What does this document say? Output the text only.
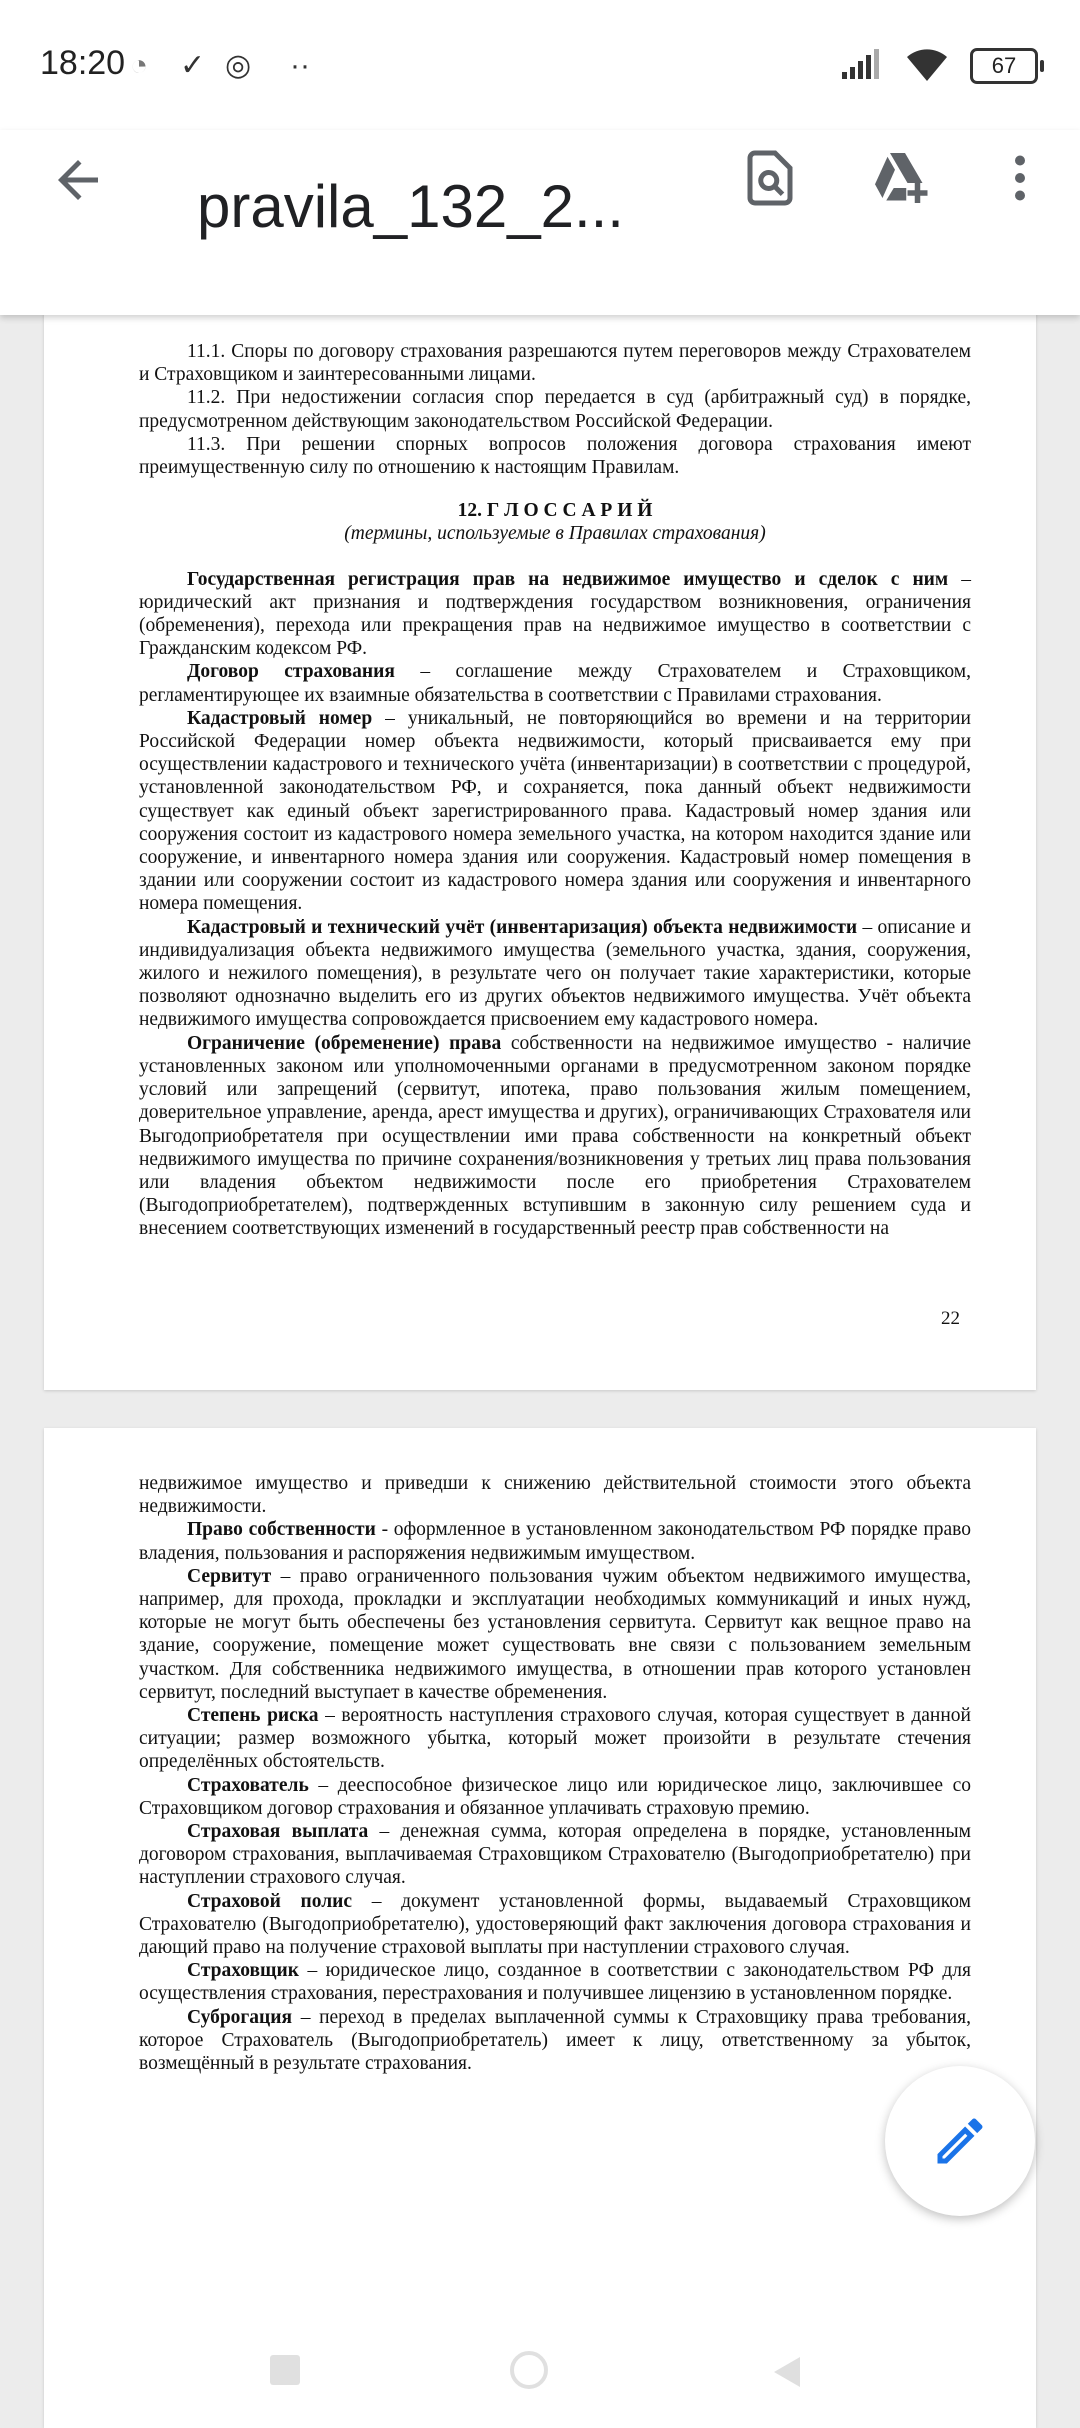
18:20 ◔ ✓ ◎ ··	67
pravila_132_2...

11.1. Споры по договору страхования разрешаются путем переговоров между Страхователем и Страховщиком и заинтересованными лицами.

11.2. При недостижении согласия спор передается в суд (арбитражный суд) в порядке, предусмотренном действующим законодательством Российской Федерации.

11.3. При решении спорных вопросов положения договора страхования имеют преимущественную силу по отношению к настоящим Правилам.

12. Г Л О С С А Р И Й

(термины, используемые в Правилах страхования)

Государственная регистрация прав на недвижимое имущество и сделок с ним – юридический акт признания и подтверждения государством возникновения, ограничения (обременения), перехода или прекращения прав на недвижимое имущество в соответствии с Гражданским кодексом РФ.

Договор страхования – соглашение между Страхователем и Страховщиком, регламентирующее их взаимные обязательства в соответствии с Правилами страхования.

Кадастровый номер – уникальный, не повторяющийся во времени и на территории Российской Федерации номер объекта недвижимости, который присваивается ему при осуществлении кадастрового и технического учёта (инвентаризации) в соответствии с процедурой, установленной законодательством РФ, и сохраняется, пока данный объект недвижимости существует как единый объект зарегистрированного права. Кадастровый номер здания или сооружения состоит из кадастрового номера земельного участка, на котором находится здание или сооружение, и инвентарного номера здания или сооружения. Кадастровый номер помещения в здании или сооружении состоит из кадастрового номера здания или сооружения и инвентарного номера помещения.

Кадастровый и технический учёт (инвентаризация) объекта недвижимости – описание и индивидуализация объекта недвижимого имущества (земельного участка, здания, сооружения, жилого и нежилого помещения), в результате чего он получает такие характеристики, которые позволяют однозначно выделить его из других объектов недвижимого имущества. Учёт объекта недвижимого имущества сопровождается присвоением ему кадастрового номера.

Ограничение (обременение) права собственности на недвижимое имущество - наличие установленных законом или уполномоченными органами в предусмотренном законом порядке условий или запрещений (сервитут, ипотека, право пользования жилым помещением, доверительное управление, аренда, арест имущества и других), ограничивающих Страхователя или Выгодоприобретателя при осуществлении ими права собственности на конкретный объект недвижимого имущества по причине сохранения/возникновения у третьих лиц права пользования или владения объектом недвижимости после его приобретения Страхователем (Выгодоприобретателем), подтвержденных вступившим в законную силу решением суда и внесением соответствующих изменений в государственный реестр прав собственности на

22

недвижимое имущество и приведши к снижению действительной стоимости этого объекта недвижимости.

Право собственности - оформленное в установленном законодательством РФ порядке право владения, пользования и распоряжения недвижимым имуществом.

Сервитут – право ограниченного пользования чужим объектом недвижимого имущества, например, для прохода, прокладки и эксплуатации необходимых коммуникаций и иных нужд, которые не могут быть обеспечены без установления сервитута. Сервитут как вещное право на здание, сооружение, помещение может существовать вне связи с пользованием земельным участком. Для собственника недвижимого имущества, в отношении прав которого установлен сервитут, последний выступает в качестве обременения.

Степень риска – вероятность наступления страхового случая, которая существует в данной ситуации; размер возможного убытка, который может произойти в результате стечения определённых обстоятельств.

Страхователь – дееспособное физическое лицо или юридическое лицо, заключившее со Страховщиком договор страхования и обязанное уплачивать страховую премию.

Страховая выплата – денежная сумма, которая определена в порядке, установленным договором страхования, выплачиваемая Страховщиком Страхователю (Выгодоприобретателю) при наступлении страхового случая.

Страховой полис – документ установленной формы, выдаваемый Страховщиком Страхователю (Выгодоприобретателю), удостоверяющий факт заключения договора страхования и дающий право на получение страховой выплаты при наступлении страхового случая.

Страховщик – юридическое лицо, созданное в соответствии с законодательством РФ для осуществления страхования, перестрахования и получившее лицензию в установленном порядке.

Суброгация – переход в пределах выплаченной суммы к Страховщику права требования, которое Страхователь (Выгодоприобретатель) имеет к лицу, ответственному за убыток, возмещённый в результате страхования.
